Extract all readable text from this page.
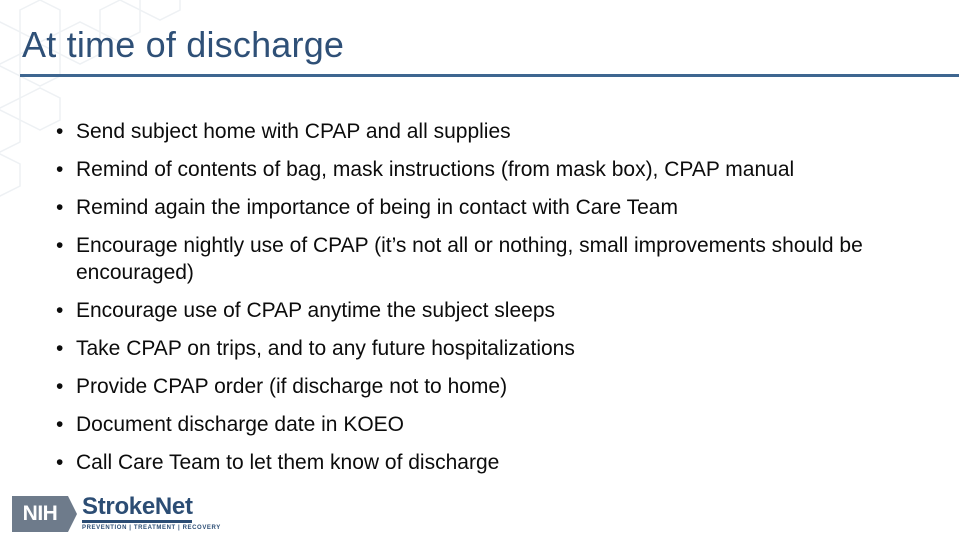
At time of discharge
• Send subject home with CPAP and all supplies
• Remind of contents of bag, mask instructions (from mask box), CPAP manual
• Remind again the importance of being in contact with Care Team
• Encourage nightly use of CPAP (it’s not all or nothing, small improvements should be encouraged)
• Encourage use of CPAP anytime the subject sleeps
• Take CPAP on trips, and to any future hospitalizations
• Provide CPAP order (if discharge not to home)
• Document discharge date in KOEO
• Call Care Team to let them know of discharge
NIH	StrokeNet
PREVENTION | TREATMENT | RECOVERY
